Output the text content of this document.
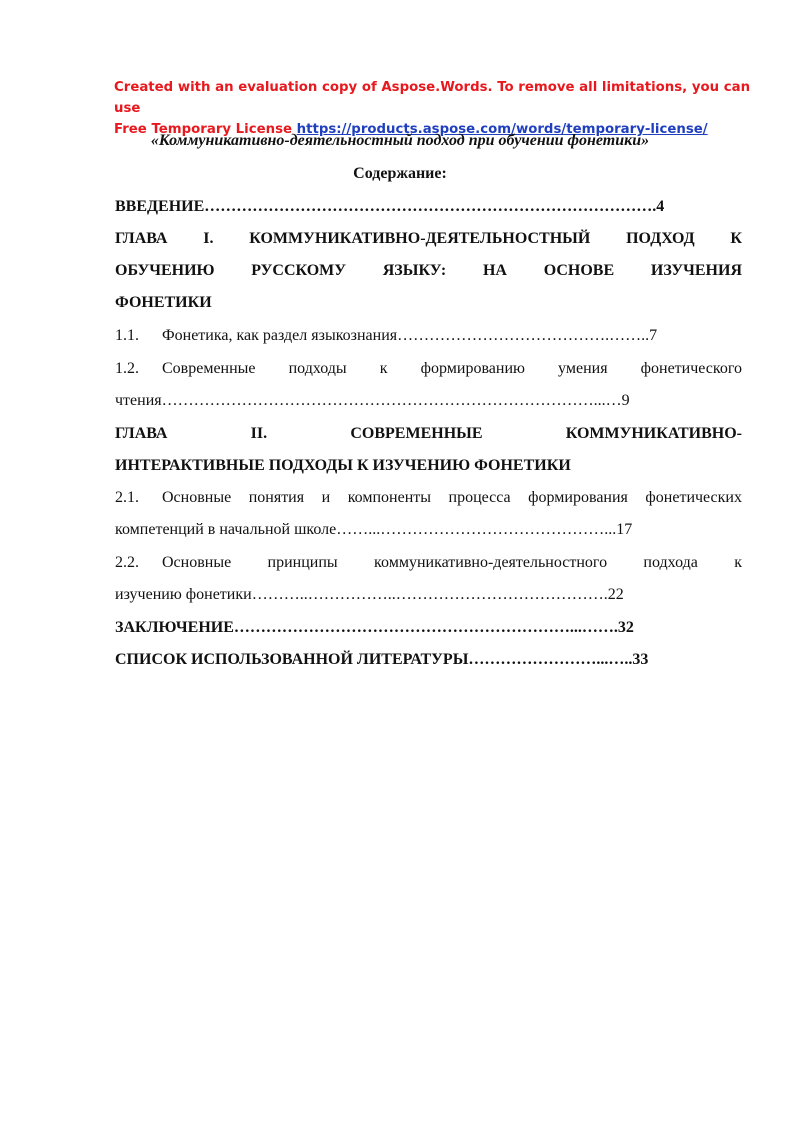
Created with an evaluation copy of Aspose.Words. To remove all limitations, you can use
Free Temporary License https://products.aspose.com/words/temporary-license/
«Коммуникативно-деятельностный подход при обучении фонетики»
Содержание:
ВВЕДЕНИЕ………………………………………………………………………….4
ГЛАВА I. КОММУНИКАТИВНО-ДЕЯТЕЛЬНОСТНЫЙ ПОДХОД К
ОБУЧЕНИЮ РУССКОМУ ЯЗЫКУ: НА ОСНОВЕ ИЗУЧЕНИЯ
ФОНЕТИКИ
1.1. Фонетика, как раздел языкознания………………………………….……..7
1.2.	Современные подходы к формированию умения фонетического
чтения………………………………………………………………………...…9
ГЛАВА II. СОВРЕМЕННЫЕ КОММУНИКАТИВНО-
ИНТЕРАКТИВНЫЕ ПОДХОДЫ К ИЗУЧЕНИЮ ФОНЕТИКИ
2.1.	Основные понятия и компоненты процесса формирования фонетических
компетенций в начальной школе……...……………………………………...17
2.2.	Основные принципы коммуникативно-деятельностного подхода к
изучению фонетики………..……………..………………………………….22
ЗАКЛЮЧЕНИЕ………………………………………………………...…….32
СПИСОК ИСПОЛЬЗОВАННОЙ ЛИТЕРАТУРЫ……………………...…..33
